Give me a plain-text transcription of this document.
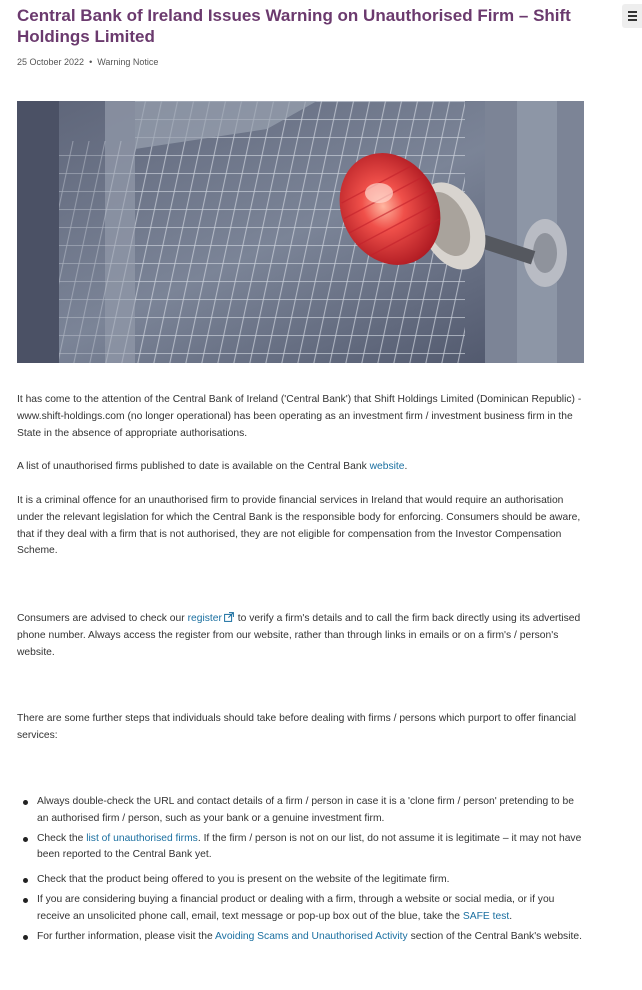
Central Bank of Ireland Issues Warning on Unauthorised Firm – Shift Holdings Limited
25 October 2022 • Warning Notice

It has come to the attention of the Central Bank of Ireland ('Central Bank') that Shift Holdings Limited (Dominican Republic) - www.shift-holdings.com (no longer operational) has been operating as an investment firm / investment business firm in the State in the absence of appropriate authorisations.

A list of unauthorised firms published to date is available on the Central Bank website.

It is a criminal offence for an unauthorised firm to provide financial services in Ireland that would require an authorisation under the relevant legislation for which the Central Bank is the responsible body for enforcing. Consumers should be aware, that if they deal with a firm that is not authorised, they are not eligible for compensation from the Investor Compensation Scheme.

Consumers are advised to check our register to verify a firm's details and to call the firm back directly using its advertised phone number. Always access the register from our website, rather than through links in emails or on a firm's / person's website.

There are some further steps that individuals should take before dealing with firms / persons which purport to offer financial services:

Always double-check the URL and contact details of a firm / person in case it is a 'clone firm / person' pretending to be an authorised firm / person, such as your bank or a genuine investment firm.
Check the list of unauthorised firms. If the firm / person is not on our list, do not assume it is legitimate – it may not have been reported to the Central Bank yet.
Check that the product being offered to you is present on the website of the legitimate firm.
If you are considering buying a financial product or dealing with a firm, through a website or social media, or if you receive an unsolicited phone call, email, text message or pop-up box out of the blue, take the SAFE test.
For further information, please visit the Avoiding Scams and Unauthorised Activity section of the Central Bank's website.
